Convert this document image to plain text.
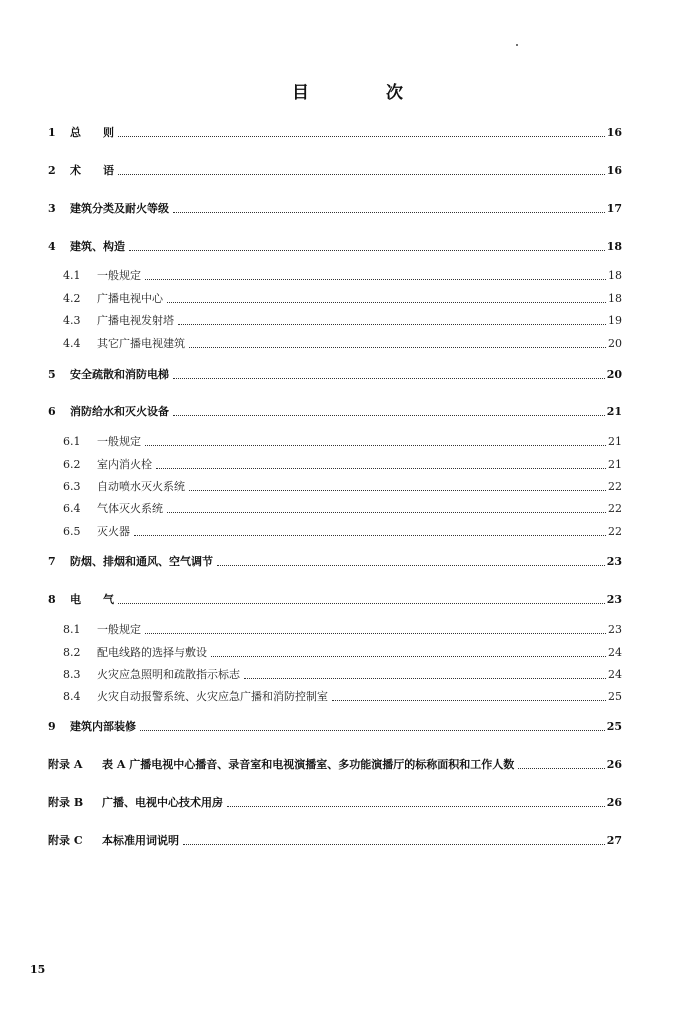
目　次
1	总　　则	16
2	术　　语	16
3	建筑分类及耐火等级	17
4	建筑、构造	18
4.1	一般规定	18
4.2	广播电视中心	18
4.3	广播电视发射塔	19
4.4	其它广播电视建筑	20
5	安全疏散和消防电梯	20
6	消防给水和灭火设备	21
6.1	一般规定	21
6.2	室内消火栓	21
6.3	自动喷水灭火系统	22
6.4	气体灭火系统	22
6.5	灭火器	22
7	防烟、排烟和通风、空气调节	23
8	电　　气	23
8.1	一般规定	23
8.2	配电线路的选择与敷设	24
8.3	火灾应急照明和疏散指示标志	24
8.4	火灾自动报警系统、火灾应急广播和消防控制室	25
9	建筑内部装修	25
附录 A	表 A 广播电视中心播音、录音室和电视演播室、多功能演播厅的标称面积和工作人数	26
附录 B	广播、电视中心技术用房	26
附录 C	本标准用词说明	27
15
